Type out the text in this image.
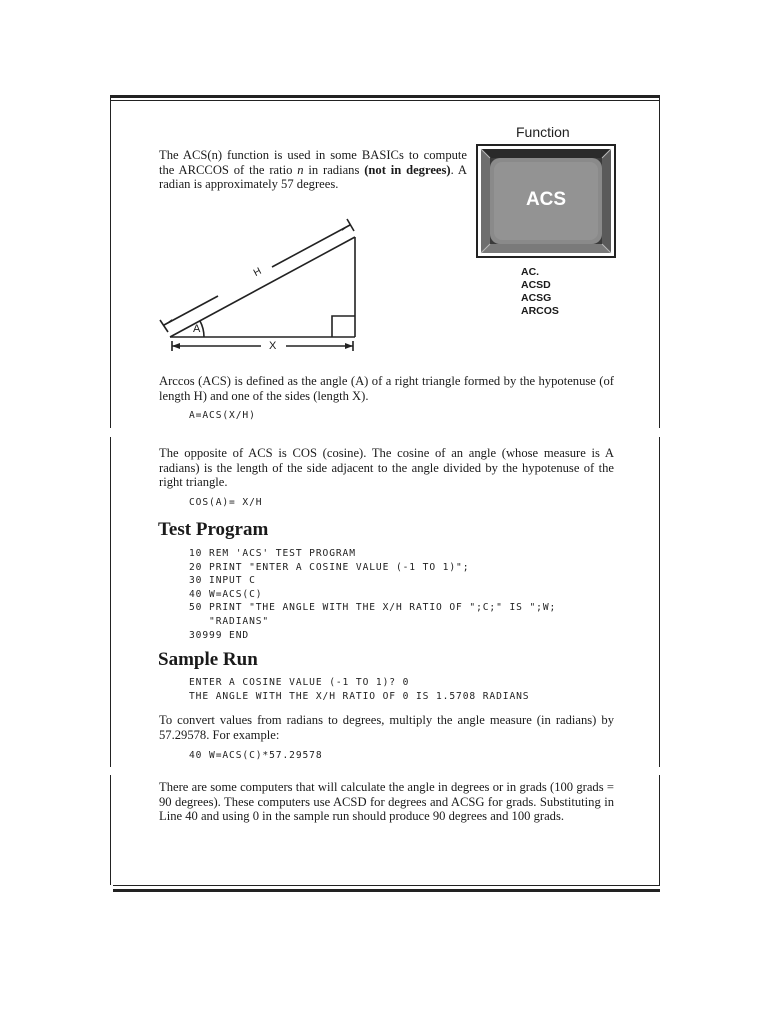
Function
ACS
AC.
ACSD
ACSG
ARCOS
The ACS(n) function is used in some BASICs to compute the ARCCOS of the ratio n in radians (not in degrees). A radian is approximately 57 degrees.
H
A
X
Arccos (ACS) is defined as the angle (A) of a right triangle formed by the hypotenuse (of length H) and one of the sides (length X).
A=ACS(X/H)
The opposite of ACS is COS (cosine). The cosine of an angle (whose measure is A radians) is the length of the side adjacent to the angle divided by the hypotenuse of the right triangle.
COS(A)= X/H
Test Program
10 REM 'ACS' TEST PROGRAM
20 PRINT "ENTER A COSINE VALUE (-1 TO 1)";
30 INPUT C
40 W=ACS(C)
50 PRINT "THE ANGLE WITH THE X/H RATIO OF ";C;" IS ";W;
"RADIANS"
30999 END
Sample Run
ENTER A COSINE VALUE (-1 TO 1)? 0
THE ANGLE WITH THE X/H RATIO OF 0 IS 1.5708 RADIANS
To convert values from radians to degrees, multiply the angle measure (in radians) by 57.29578. For example:
40 W=ACS(C)*57.29578
There are some computers that will calculate the angle in degrees or in grads (100 grads = 90 degrees). These computers use ACSD for degrees and ACSG for grads. Substituting in Line 40 and using 0 in the sample run should produce 90 degrees and 100 grads.
